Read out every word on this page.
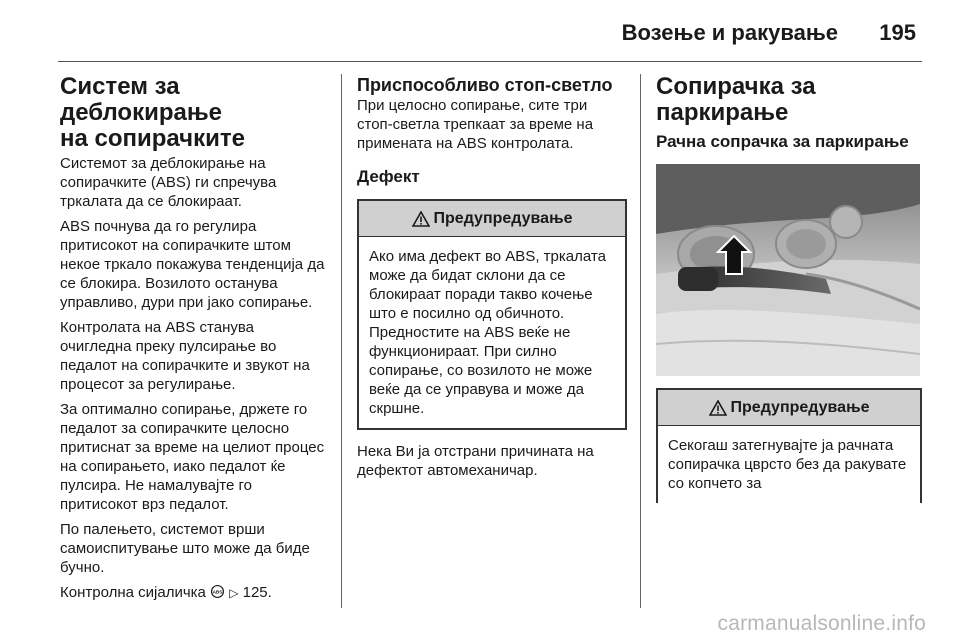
Возење и ракување 195
Систем за деблокирање
на сопирачките
Системот за деблокирање на сопирачките (ABS) ги спречува тркалата да се блокираат.
ABS почнува да го регулира притисокот на сопирачките штом некое тркало покажува тенденција да се блокира. Возилото останува управливо, дури при јако сопирање.
Контролата на ABS станува очигледна преку пулсирање во педалот на сопирачките и звукот на процесот за регулирање.
За оптимално сопирање, држете го педалот за сопирачките целосно притиснат за време на целиот процес на сопирањето, иако педалот ќе пулсира. Не намалувајте го притисокот врз педалот.
По палењето, системот врши самоиспитување што може да биде бучно.
Контролна сијаличка ABS ▷ 125.
Приспособливо стоп-светло
При целосно сопирање, сите три стоп-светла трепкаат за време на примената на ABS контролата.
Дефект
Предупредување
Ако има дефект во ABS, тркалата може да бидат склони да се блокираат поради такво кочење што е посилно од обичното. Предностите на ABS веќе не функционираат. При силно сопирање, со возилото не може веќе да се управува и може да скршне.
Нека Ви ја отстрани причината на дефектот автомеханичар.
Сопирачка за паркирање
Рачна сопрачка за паркирање
Предупредување
Секогаш затегнувајте ја рачната сопирачка цврсто без да ракувате со копчето за
carmanualsonline.info
